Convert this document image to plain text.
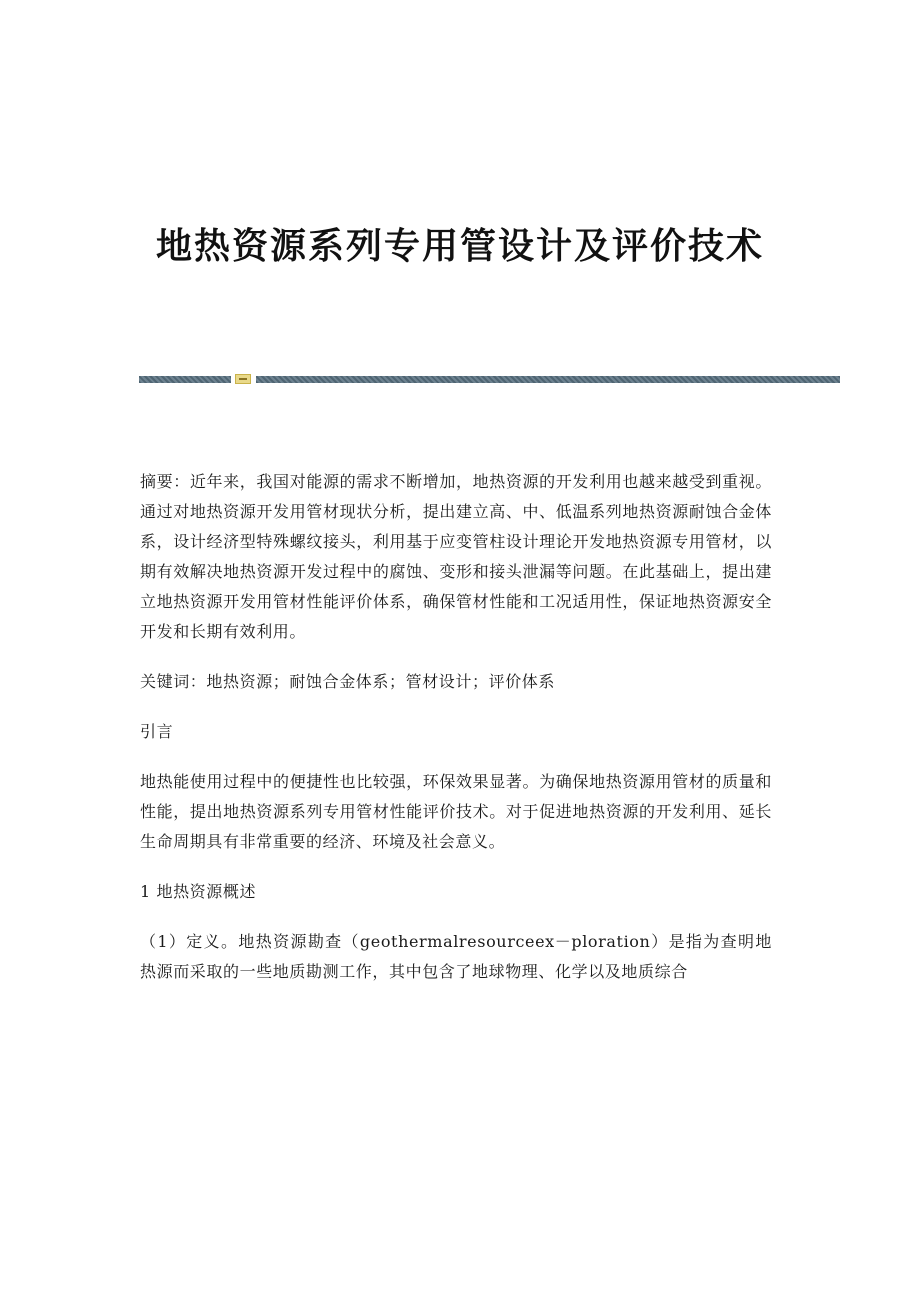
地热资源系列专用管设计及评价技术

摘要：近年来，我国对能源的需求不断增加，地热资源的开发利用也越来越受到重视。通过对地热资源开发用管材现状分析，提出建立高、中、低温系列地热资源耐蚀合金体系，设计经济型特殊螺纹接头，利用基于应变管柱设计理论开发地热资源专用管材，以期有效解决地热资源开发过程中的腐蚀、变形和接头泄漏等问题。在此基础上，提出建立地热资源开发用管材性能评价体系，确保管材性能和工况适用性，保证地热资源安全开发和长期有效利用。

关键词：地热资源；耐蚀合金体系；管材设计；评价体系

引言

地热能使用过程中的便捷性也比较强，环保效果显著。为确保地热资源用管材的质量和性能，提出地热资源系列专用管材性能评价技术。对于促进地热资源的开发利用、延长生命周期具有非常重要的经济、环境及社会意义。

1 地热资源概述

（1）定义。地热资源勘查（geothermalresourceex－ploration）是指为查明地热源而采取的一些地质勘测工作，其中包含了地球物理、化学以及地质综合
